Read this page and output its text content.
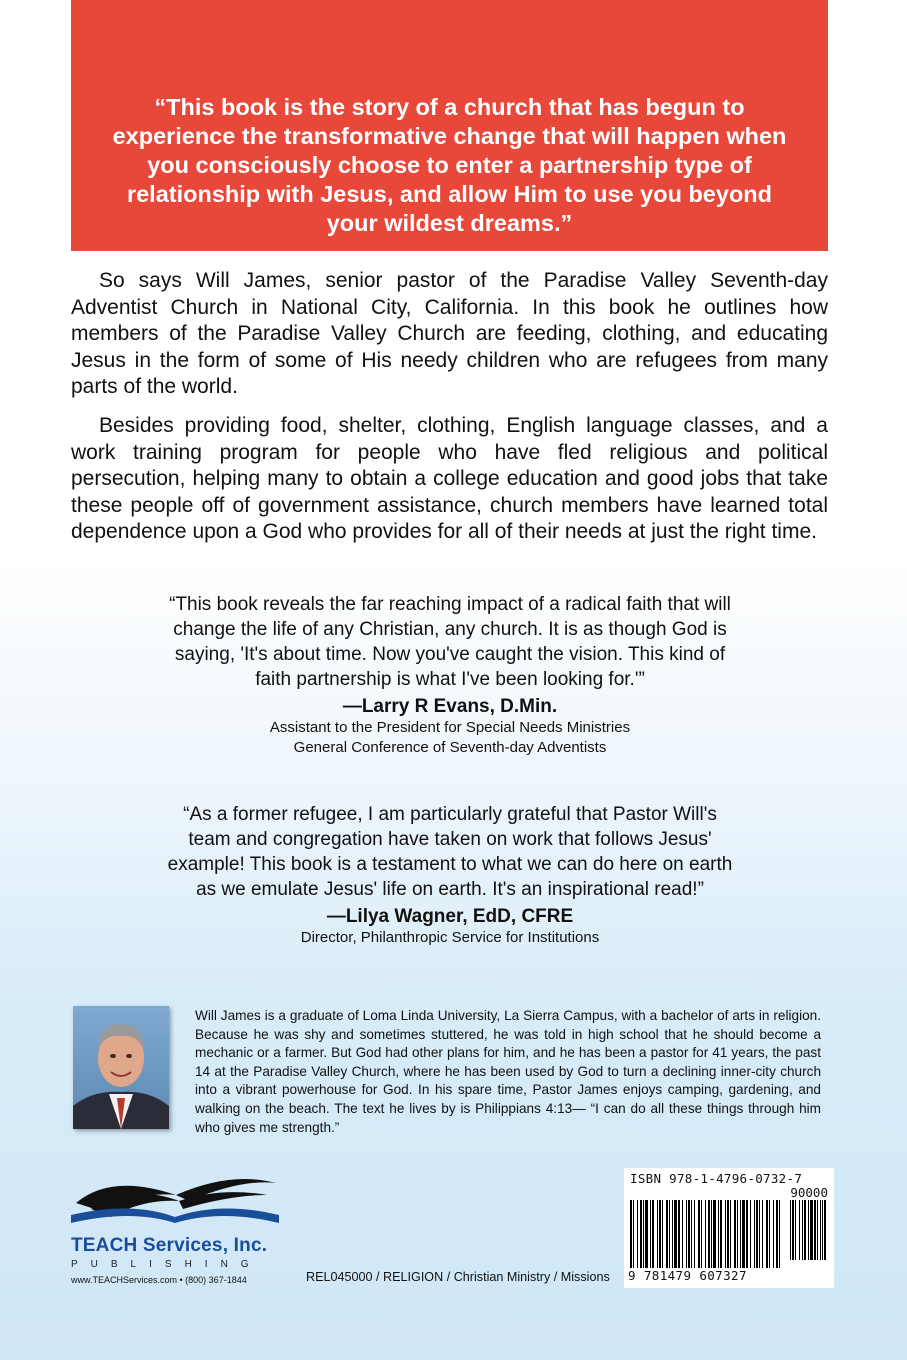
“This book is the story of a church that has begun to experience the transformative change that will happen when you consciously choose to enter a partnership type of relationship with Jesus, and allow Him to use you beyond your wildest dreams.”

So says Will James, senior pastor of the Paradise Valley Seventh-day Adventist Church in National City, California. In this book he outlines how members of the Paradise Valley Church are feeding, clothing, and educating Jesus in the form of some of His needy children who are refugees from many parts of the world.

Besides providing food, shelter, clothing, English language classes, and a work training program for people who have fled religious and political persecution, helping many to obtain a college education and good jobs that take these people off of government assistance, church members have learned total dependence upon a God who provides for all of their needs at just the right time.

“This book reveals the far reaching impact of a radical faith that will change the life of any Christian, any church. It is as though God is saying, 'It's about time. Now you've caught the vision. This kind of faith partnership is what I've been looking for.'”

—Larry R Evans, D.Min.

Assistant to the President for Special Needs Ministries

General Conference of Seventh-day Adventists

“As a former refugee, I am particularly grateful that Pastor Will's team and congregation have taken on work that follows Jesus' example! This book is a testament to what we can do here on earth as we emulate Jesus' life on earth. It's an inspirational read!”

—Lilya Wagner, EdD, CFRE

Director, Philanthropic Service for Institutions

Will James is a graduate of Loma Linda University, La Sierra Campus, with a bachelor of arts in religion. Because he was shy and sometimes stuttered, he was told in high school that he should become a mechanic or a farmer. But God had other plans for him, and he has been a pastor for 41 years, the past 14 at the Paradise Valley Church, where he has been used by God to turn a declining inner-city church into a vibrant powerhouse for God. In his spare time, Pastor James enjoys camping, gardening, and walking on the beach. The text he lives by is Philippians 4:13— “I can do all these things through him who gives me strength.”

TEACH Services, Inc.
PUBLISHING
www.TEACHServices.com • (800) 367-1844	REL045000 / RELIGION / Christian Ministry / Missions
ISBN 978-1-4796-0732-7
90000
9 781479 607327
